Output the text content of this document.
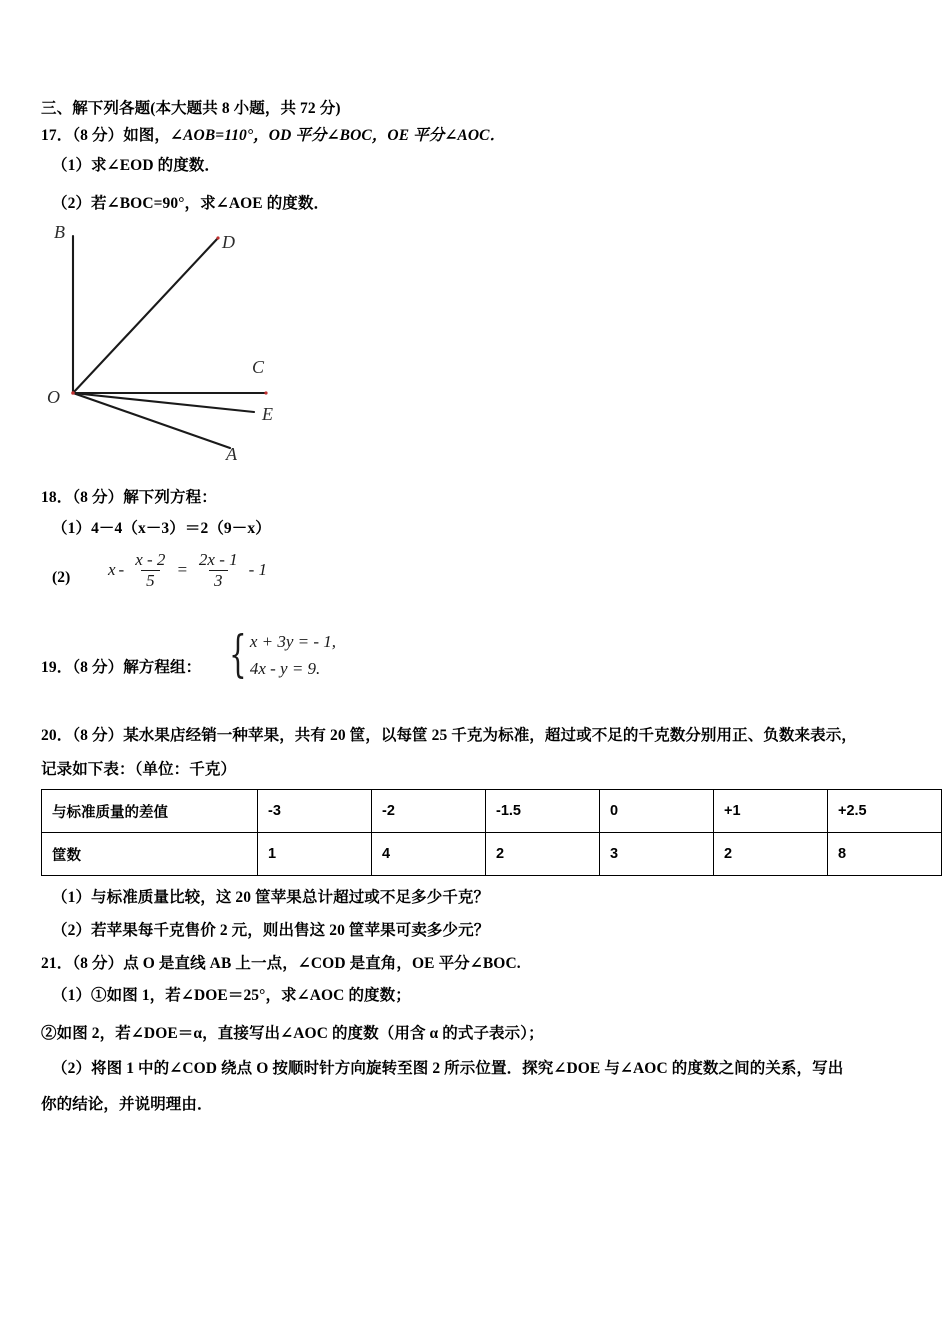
三、解下列各题(本大题共 8 小题，共 72 分)
17．（8 分）如图，∠AOB=110°，OD 平分∠BOC，OE 平分∠AOC．
（1）求∠EOD 的度数．
（2）若∠BOC=90°，求∠AOE 的度数．
B	D
C
O
E
A
18．（8 分）解下列方程：
（1）4－4（x－3）＝2（9－x）
(2) $x - \frac{x - 2}{5} = \frac{2x - 1}{3} - 1$
19．（8 分）解方程组： { x + 3y = - 1,
4x - y = 9.
20．（8 分）某水果店经销一种苹果，共有 20 筐，以每筐 25 千克为标准，超过或不足的千克数分别用正、负数来表示，
记录如下表：（单位：千克）
与标准质量的差值	-3	-2	-1.5	0	+1	+2.5
筐数	1	4	2	3	2	8
（1）与标准质量比较，这 20 筐苹果总计超过或不足多少千克？
（2）若苹果每千克售价 2 元，则出售这 20 筐苹果可卖多少元？
21．（8 分）点 O 是直线 AB 上一点，∠COD 是直角，OE 平分∠BOC.
（1）①如图 1，若∠DOE＝25°，求∠AOC 的度数；
②如图 2，若∠DOE＝α，直接写出∠AOC 的度数（用含 α 的式子表示）；
（2）将图 1 中的∠COD 绕点 O 按顺时针方向旋转至图 2 所示位置．探究∠DOE 与∠AOC 的度数之间的关系，写出
你的结论，并说明理由．
